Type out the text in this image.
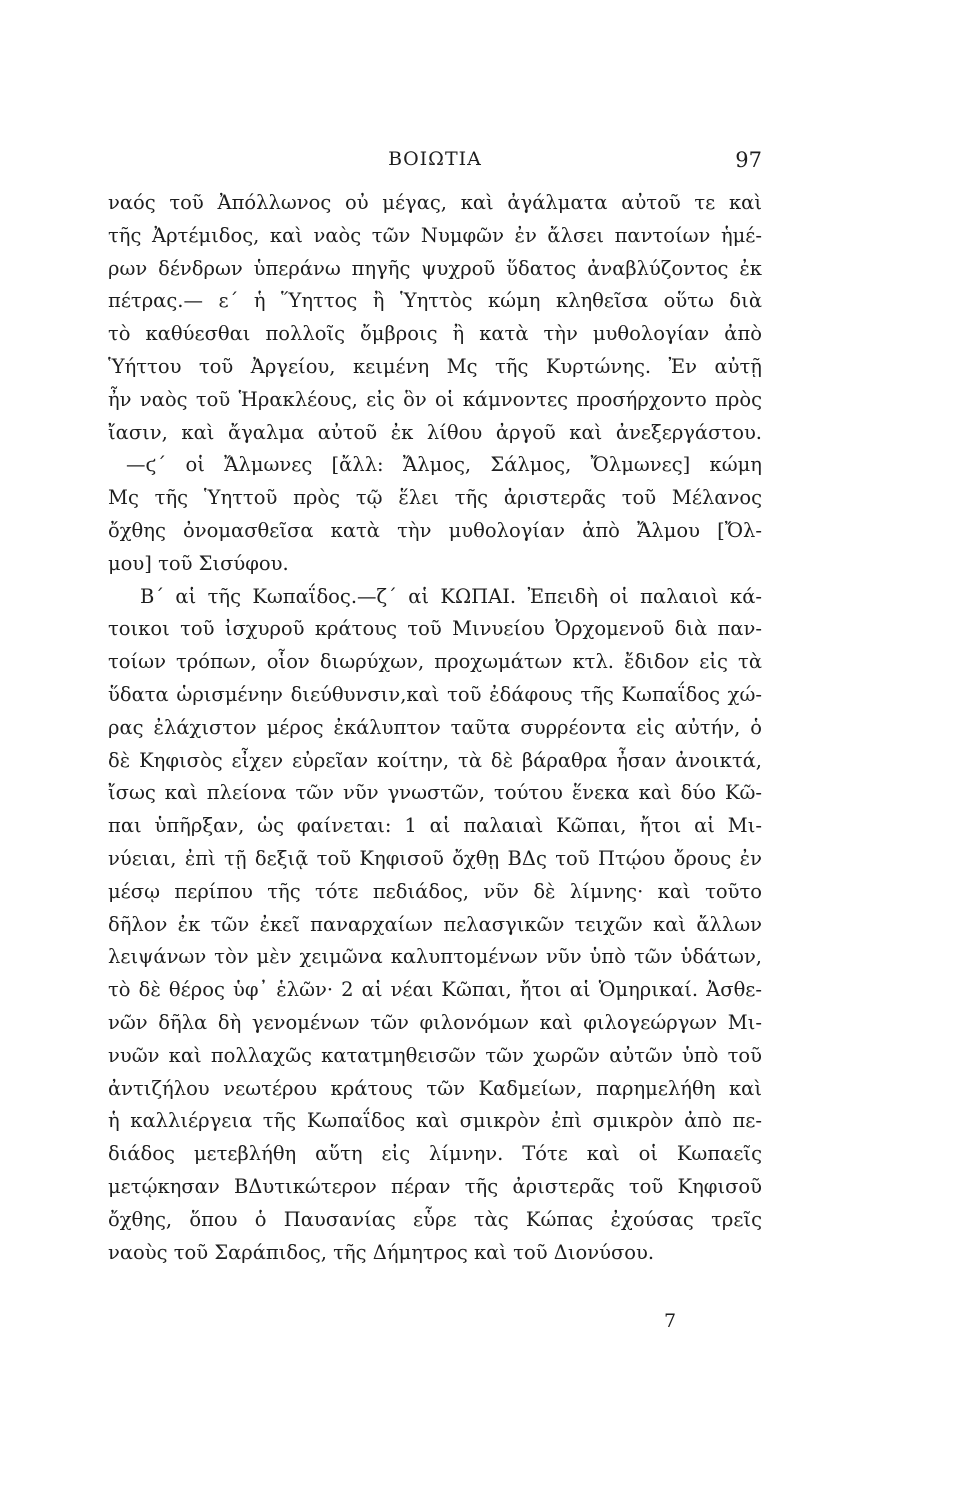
ΒΟΙΩΤΙΑ	97
ναός τοῦ Ἀπόλλωνος οὐ μέγας, καὶ ἀγάλματα αὐτοῦ τε καὶ
τῆς Ἀρτέμιδος, καὶ ναὸς τῶν Νυμφῶν ἐν ἄλσει παντοίων ἡμέ-
ρων δένδρων ὑπεράνω πηγῆς ψυχροῦ ὕδατος ἀναβλύζοντος ἐκ
πέτρας.— ε´ ἡ Ὕηττος ἢ Ὑηττὸς κώμη κληθεῖσα οὕτω διὰ
τὸ καθύεσθαι πολλοῖς ὄμβροις ἢ κατὰ τὴν μυθολογίαν ἀπὸ
Ὑήττου τοῦ Ἀργείου, κειμένη Μς τῆς Κυρτώνης. Ἐν αὐτῇ
ἦν ναὸς τοῦ Ἡρακλέους, εἰς ὃν οἱ κάμνοντες προσήρχοντο πρὸς
ἴασιν, καὶ ἄγαλμα αὐτοῦ ἐκ λίθου ἀργοῦ καὶ ἀνεξεργάστου.
—ϛ´ οἱ Ἄλμωνες [ἄλλ: Ἄλμος, Σάλμος, Ὄλμωνες] κώμη
Μς τῆς Ὑηττοῦ πρὸς τῷ ἕλει τῆς ἀριστερᾶς τοῦ Μέλανος
ὄχθης ὀνομασθεῖσα κατὰ τὴν μυθολογίαν ἀπὸ Ἄλμου [Ὄλ-
μου] τοῦ Σισύφου.
Β´ αἱ τῆς Κωπαΐδος.—ζ´ αἱ ΚΩΠΑΙ. Ἐπειδὴ οἱ παλαιοὶ κά-
τοικοι τοῦ ἰσχυροῦ κράτους τοῦ Μινυείου Ὀρχομενοῦ διὰ παν-
τοίων τρόπων, οἷον διωρύχων, προχωμάτων κτλ. ἔδιδον εἰς τὰ
ὕδατα ὡρισμένην διεύθυνσιν,καὶ τοῦ ἐδάφους τῆς Κωπαΐδος χώ-
ρας ἐλάχιστον μέρος ἐκάλυπτον ταῦτα συρρέοντα εἰς αὐτήν, ὁ
δὲ Κηφισὸς εἶχεν εὐρεῖαν κοίτην, τὰ δὲ βάραθρα ἦσαν ἀνοικτά,
ἴσως καὶ πλείονα τῶν νῦν γνωστῶν, τούτου ἕνεκα καὶ δύο Κῶ-
παι ὑπῆρξαν, ὡς φαίνεται: 1 αἱ παλαιαὶ Κῶπαι, ἤτοι αἱ Μι-
νύειαι, ἐπὶ τῇ δεξιᾷ τοῦ Κηφισοῦ ὄχθῃ ΒΔς τοῦ Πτῴου ὄρους ἐν
μέσῳ περίπου τῆς τότε πεδιάδος, νῦν δὲ λίμνης· καὶ τοῦτο
δῆλον ἐκ τῶν ἐκεῖ παναρχαίων πελασγικῶν τειχῶν καὶ ἄλλων
λειψάνων τὸν μὲν χειμῶνα καλυπτομένων νῦν ὑπὸ τῶν ὑδάτων,
τὸ δὲ θέρος ὑφ᾽ ἑλῶν· 2 αἱ νέαι Κῶπαι, ἤτοι αἱ Ὁμηρικαί. Ἀσθε-
νῶν δῆλα δὴ γενομένων τῶν φιλονόμων καὶ φιλογεώργων Μι-
νυῶν καὶ πολλαχῶς κατατμηθεισῶν τῶν χωρῶν αὐτῶν ὑπὸ τοῦ
ἀντιζήλου νεωτέρου κράτους τῶν Καδμείων, παρημελήθη καὶ
ἡ καλλιέργεια τῆς Κωπαΐδος καὶ σμικρὸν ἐπὶ σμικρὸν ἀπὸ πε-
διάδος μετεβλήθη αὕτη εἰς λίμνην. Τότε καὶ οἱ Κωπαεῖς
μετῴκησαν ΒΔυτικώτερον πέραν τῆς ἀριστερᾶς τοῦ Κηφισοῦ
ὄχθης, ὅπου ὁ Παυσανίας εὗρε τὰς Κώπας ἐχούσας τρεῖς
ναοὺς τοῦ Σαράπιδος, τῆς Δήμητρος καὶ τοῦ Διονύσου.
7
